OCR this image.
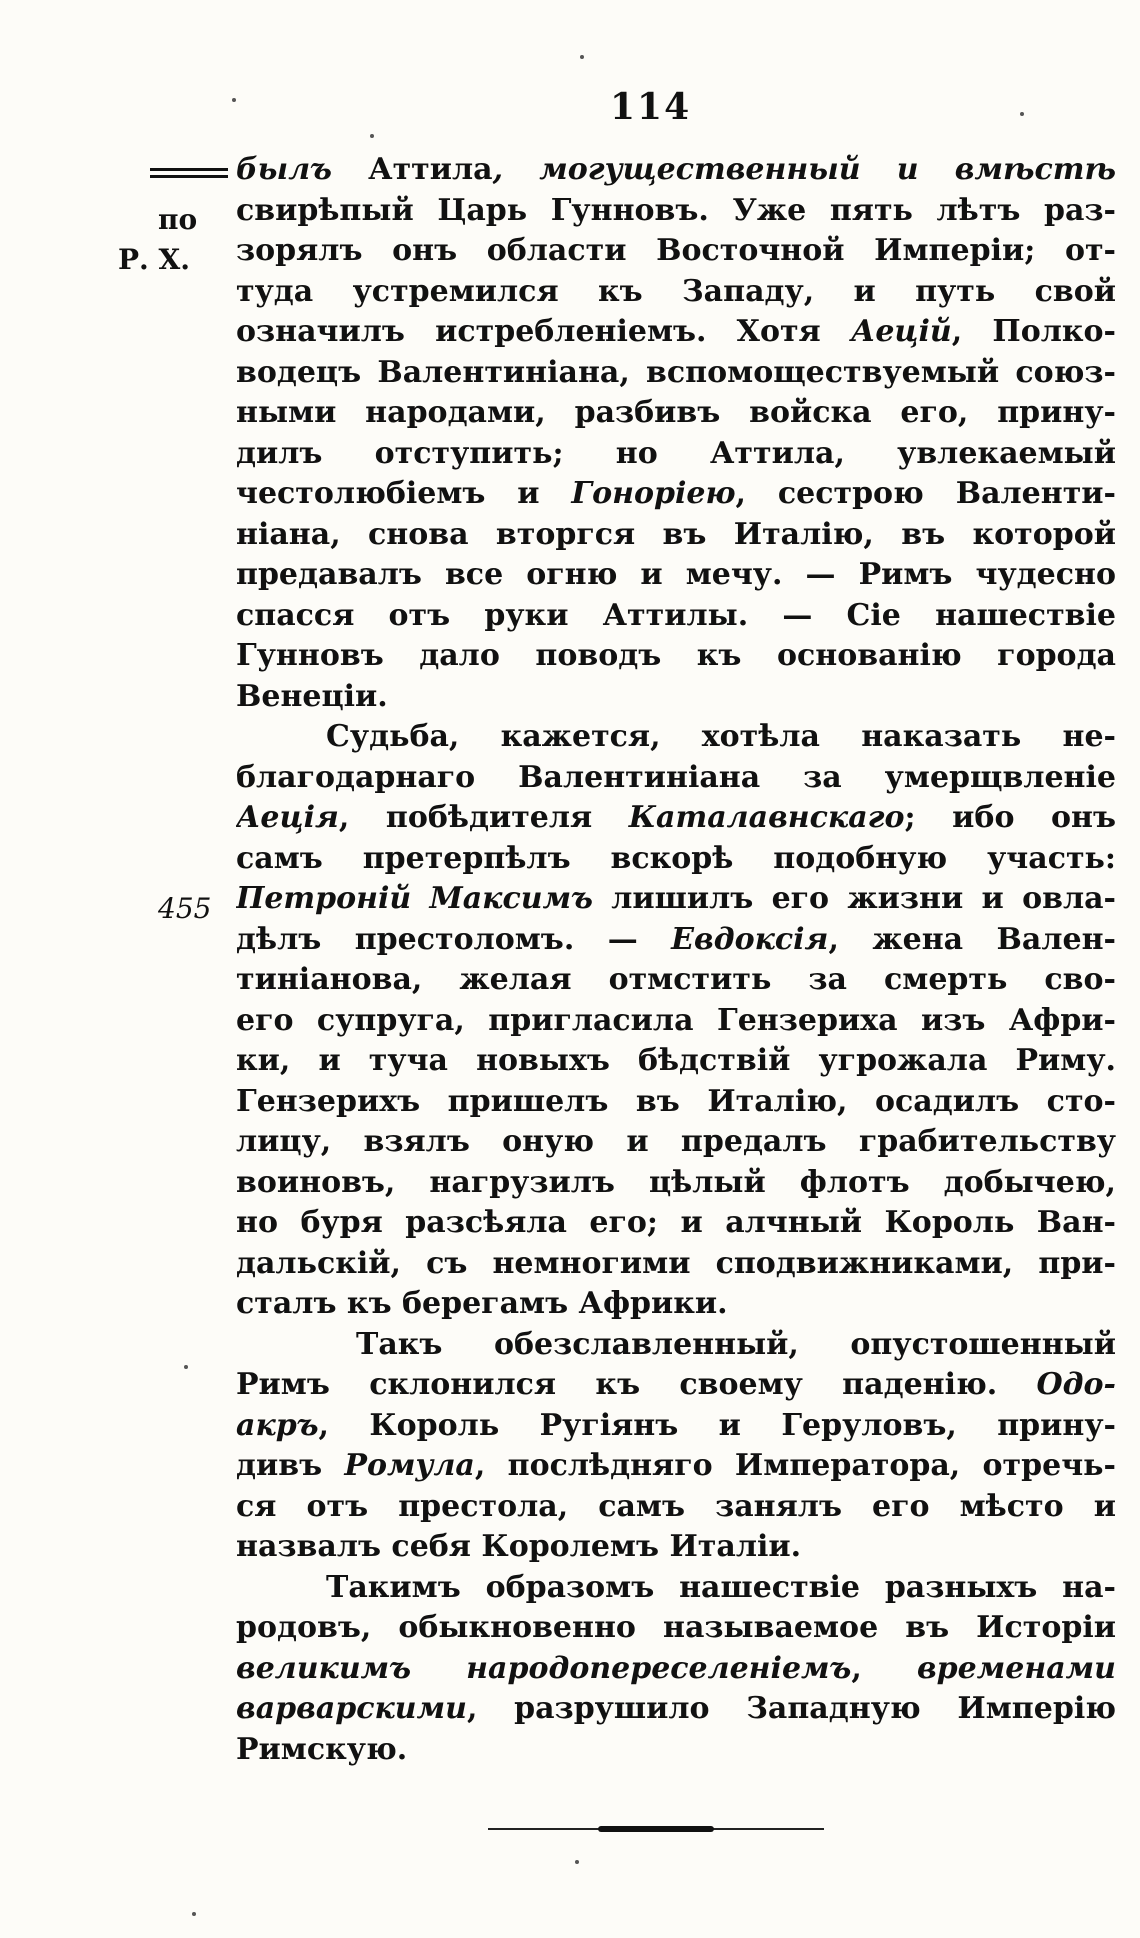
114
по
Р. Х.
455
былъ Аттила, могущественный и вмѣстѣ
свирѣпый Царь Гунновъ. Уже пять лѣтъ раз-
зорялъ онъ области Восточной Имперіи; от-
туда устремился къ Западу, и путь свой
означилъ истребленіемъ. Хотя Аецій, Полко-
водецъ Валентиніана, вспомоществуемый союз-
ными народами, разбивъ войска его, прину-
дилъ отступить; но Аттила, увлекаемый
честолюбіемъ и Гоноріею, сестрою Валенти-
ніана, снова вторгся въ Италію, въ которой
предавалъ все огню и мечу. — Римъ чудесно
спасся отъ руки Аттилы. — Сіе нашествіе
Гунновъ дало поводъ къ основанію города
Венеціи.
Судьба, кажется, хотѣла наказать не-
благодарнаго Валентиніана за умерщвленіе
Аеція, побѣдителя Каталавнскаго; ибо онъ
самъ претерпѣлъ вскорѣ подобную участь:
Петроній Максимъ лишилъ его жизни и овла-
дѣлъ престоломъ. — Евдоксія, жена Вален-
тиніанова, желая отмстить за смерть сво-
его супруга, пригласила Гензериха изъ Афри-
ки, и туча новыхъ бѣдствій угрожала Риму.
Гензерихъ пришелъ въ Италію, осадилъ сто-
лицу, взялъ оную и предалъ грабительству
воиновъ, нагрузилъ цѣлый флотъ добычею,
но буря разсѣяла его; и алчный Король Ван-
дальскій, съ немногими сподвижниками, при-
сталъ къ берегамъ Африки.
Такъ обезславленный, опустошенный
Римъ склонился къ своему паденію. Одо-
акръ, Король Ругіянъ и Геруловъ, прину-
дивъ Ромула, послѣдняго Императора, отречь-
ся отъ престола, самъ занялъ его мѣсто и
назвалъ себя Королемъ Италіи.
Такимъ образомъ нашествіе разныхъ на-
родовъ, обыкновенно называемое въ Исторіи
великимъ народопереселеніемъ, временами
варварскими, разрушило Западную Имперію
Римскую.
